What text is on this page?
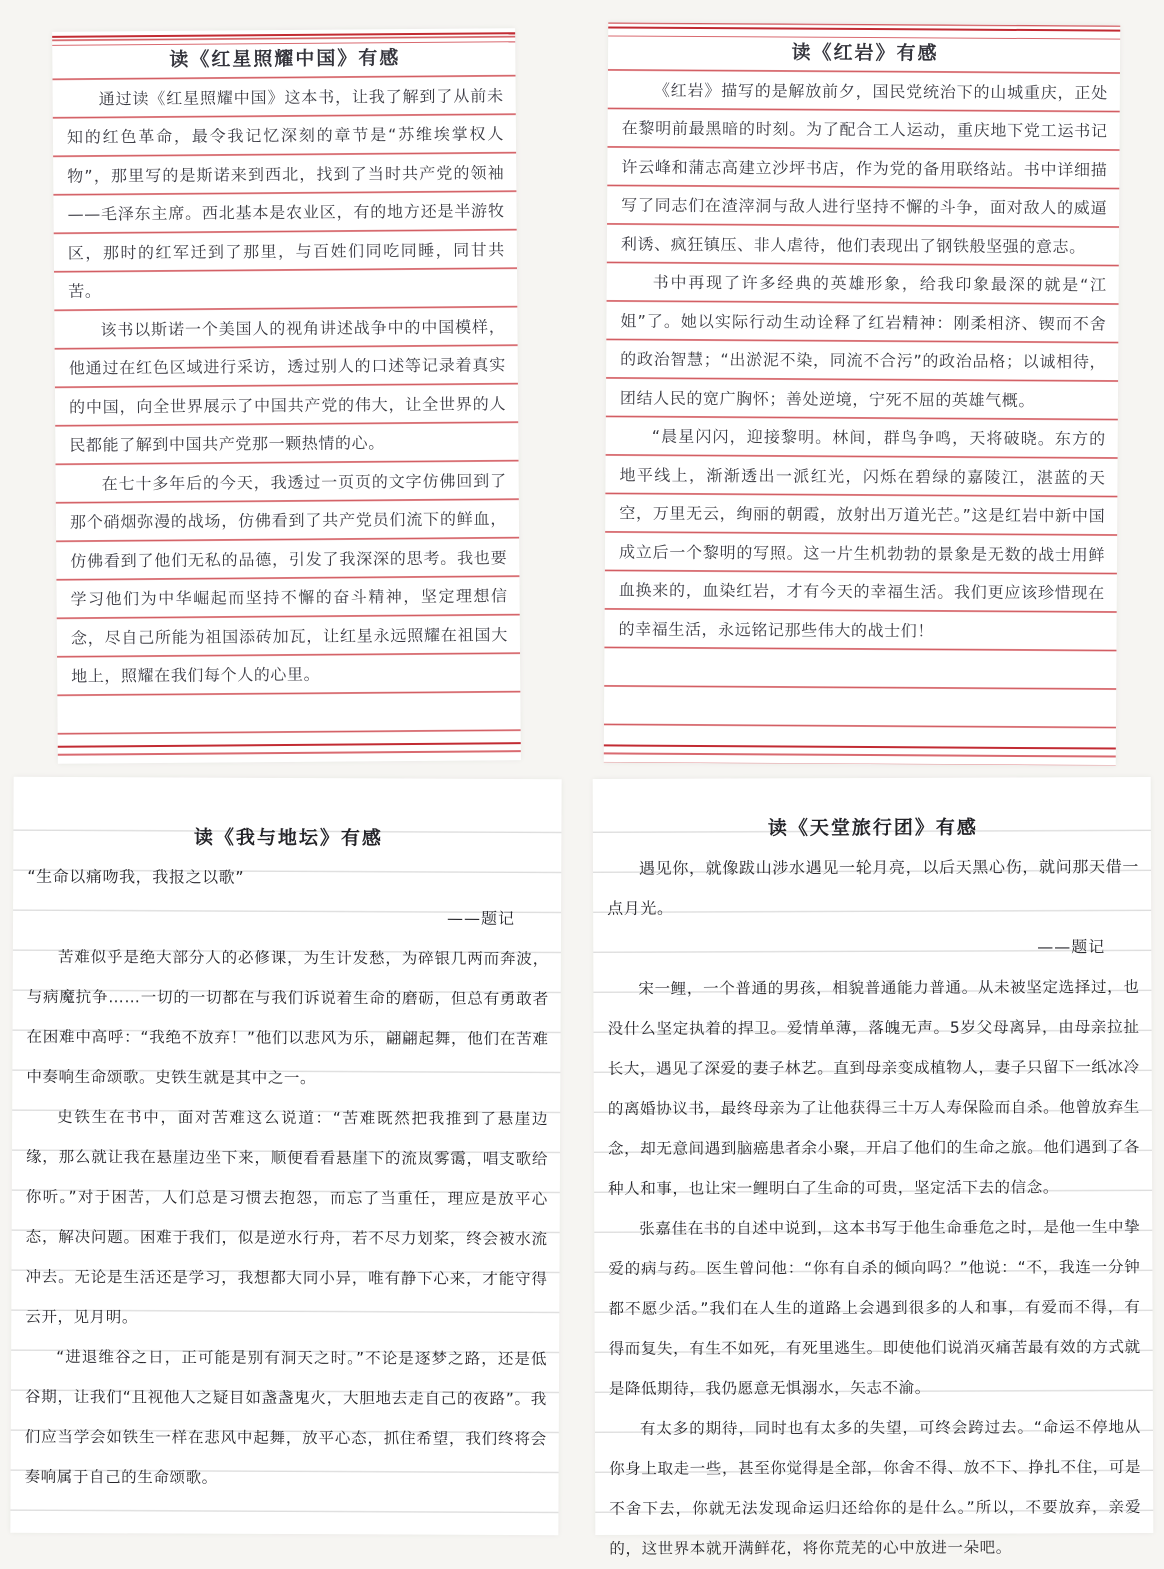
读《红星照耀中国》有感

通过读《红星照耀中国》这本书，让我了解到了从前未知的红色革命，最令我记忆深刻的章节是“苏维埃掌权人物”，那里写的是斯诺来到西北，找到了当时共产党的领袖——毛泽东主席。西北基本是农业区，有的地方还是半游牧区，那时的红军迁到了那里，与百姓们同吃同睡，同甘共苦。

该书以斯诺一个美国人的视角讲述战争中的中国模样，他通过在红色区域进行采访，透过别人的口述等记录着真实的中国，向全世界展示了中国共产党的伟大，让全世界的人民都能了解到中国共产党那一颗热情的心。

在七十多年后的今天，我透过一页页的文字仿佛回到了那个硝烟弥漫的战场，仿佛看到了共产党员们流下的鲜血，仿佛看到了他们无私的品德，引发了我深深的思考。我也要学习他们为中华崛起而坚持不懈的奋斗精神，坚定理想信念，尽自己所能为祖国添砖加瓦，让红星永远照耀在祖国大地上，照耀在我们每个人的心里。

读《红岩》有感

《红岩》描写的是解放前夕，国民党统治下的山城重庆，正处在黎明前最黑暗的时刻。为了配合工人运动，重庆地下党工运书记许云峰和蒲志高建立沙坪书店，作为党的备用联络站。书中详细描写了同志们在渣滓洞与敌人进行坚持不懈的斗争，面对敌人的威逼利诱、疯狂镇压、非人虐待，他们表现出了钢铁般坚强的意志。

书中再现了许多经典的英雄形象，给我印象最深的就是“江姐”了。她以实际行动生动诠释了红岩精神：刚柔相济、锲而不舍的政治智慧；“出淤泥不染，同流不合污”的政治品格；以诚相待，团结人民的宽广胸怀；善处逆境，宁死不屈的英雄气概。

“晨星闪闪，迎接黎明。林间，群鸟争鸣，天将破晓。东方的地平线上，渐渐透出一派红光，闪烁在碧绿的嘉陵江，湛蓝的天空，万里无云，绚丽的朝霞，放射出万道光芒。”这是红岩中新中国成立后一个黎明的写照。这一片生机勃勃的景象是无数的战士用鲜血换来的，血染红岩，才有今天的幸福生活。我们更应该珍惜现在的幸福生活，永远铭记那些伟大的战士们！

读《我与地坛》有感

“生命以痛吻我，我报之以歌”

——题记

苦难似乎是绝大部分人的必修课，为生计发愁，为碎银几两而奔波，与病魔抗争……一切的一切都在与我们诉说着生命的磨砺，但总有勇敢者在困难中高呼：“我绝不放弃！”他们以悲风为乐，翩翩起舞，他们在苦难中奏响生命颂歌。史铁生就是其中之一。

史铁生在书中，面对苦难这么说道：“苦难既然把我推到了悬崖边缘，那么就让我在悬崖边坐下来，顺便看看悬崖下的流岚雾霭，唱支歌给你听。”对于困苦，人们总是习惯去抱怨，而忘了当重任，理应是放平心态，解决问题。困难于我们，似是逆水行舟，若不尽力划桨，终会被水流冲去。无论是生活还是学习，我想都大同小异，唯有静下心来，才能守得云开，见月明。

“进退维谷之日，正可能是别有洞天之时。”不论是逐梦之路，还是低谷期，让我们“且视他人之疑目如盏盏鬼火，大胆地去走自己的夜路”。我们应当学会如铁生一样在悲风中起舞，放平心态，抓住希望，我们终将会奏响属于自己的生命颂歌。

读《天堂旅行团》有感

遇见你，就像跋山涉水遇见一轮月亮，以后天黑心伤，就问那天借一点月光。

——题记

宋一鲤，一个普通的男孩，相貌普通能力普通。从未被坚定选择过，也没什么坚定执着的捍卫。爱情单薄，落魄无声。5岁父母离异，由母亲拉扯长大，遇见了深爱的妻子林艺。直到母亲变成植物人，妻子只留下一纸冰冷的离婚协议书，最终母亲为了让他获得三十万人寿保险而自杀。他曾放弃生念，却无意间遇到脑癌患者余小聚，开启了他们的生命之旅。他们遇到了各种人和事，也让宋一鲤明白了生命的可贵，坚定活下去的信念。

张嘉佳在书的自述中说到，这本书写于他生命垂危之时，是他一生中挚爱的病与药。医生曾问他：“你有自杀的倾向吗？”他说：“不，我连一分钟都不愿少活。”我们在人生的道路上会遇到很多的人和事，有爱而不得，有得而复失，有生不如死，有死里逃生。即使他们说消灭痛苦最有效的方式就是降低期待，我仍愿意无惧溺水，矢志不渝。

有太多的期待，同时也有太多的失望，可终会跨过去。“命运不停地从你身上取走一些，甚至你觉得是全部，你舍不得、放不下、挣扎不住，可是不舍下去，你就无法发现命运归还给你的是什么。”所以，不要放弃，亲爱的，这世界本就开满鲜花，将你荒芜的心中放进一朵吧。
